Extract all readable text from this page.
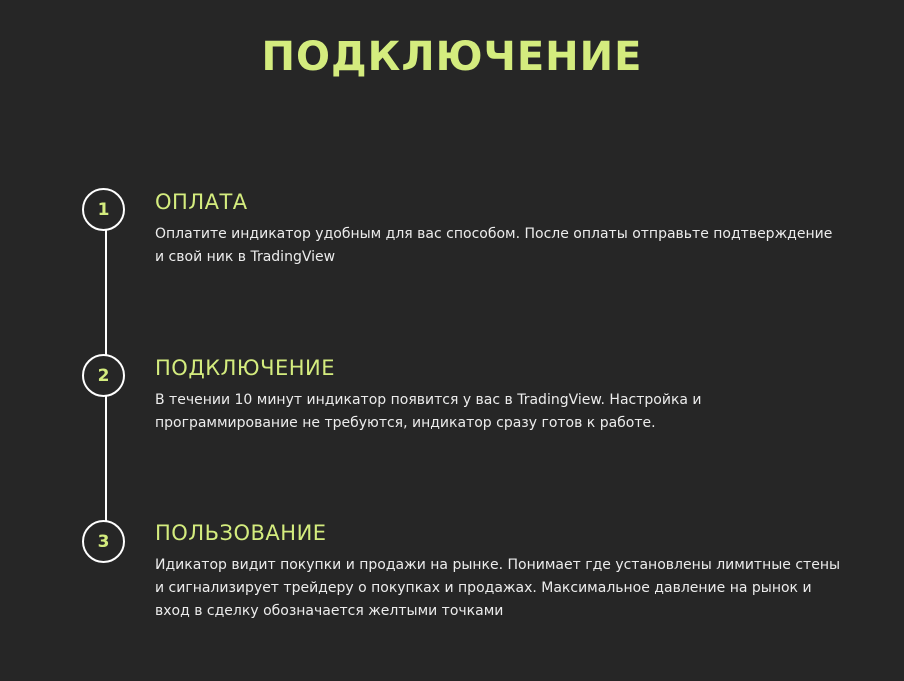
ПОДКЛЮЧЕНИЕ
1	ОПЛАТА

Оплатите индикатор удобным для вас способом. После оплаты отправьте подтверждение и свой ник в TradingView

2	ПОДКЛЮЧЕНИЕ

В течении 10 минут индикатор появится у вас в TradingView. Настройка и программирование не требуются, индикатор сразу готов к работе.

3	ПОЛЬЗОВАНИЕ

Идикатор видит покупки и продажи на рынке. Понимает где установлены лимитные стены и сигнализирует трейдеру о покупках и продажах. Максимальное давление на рынок и вход в сделку обозначается желтыми точками
